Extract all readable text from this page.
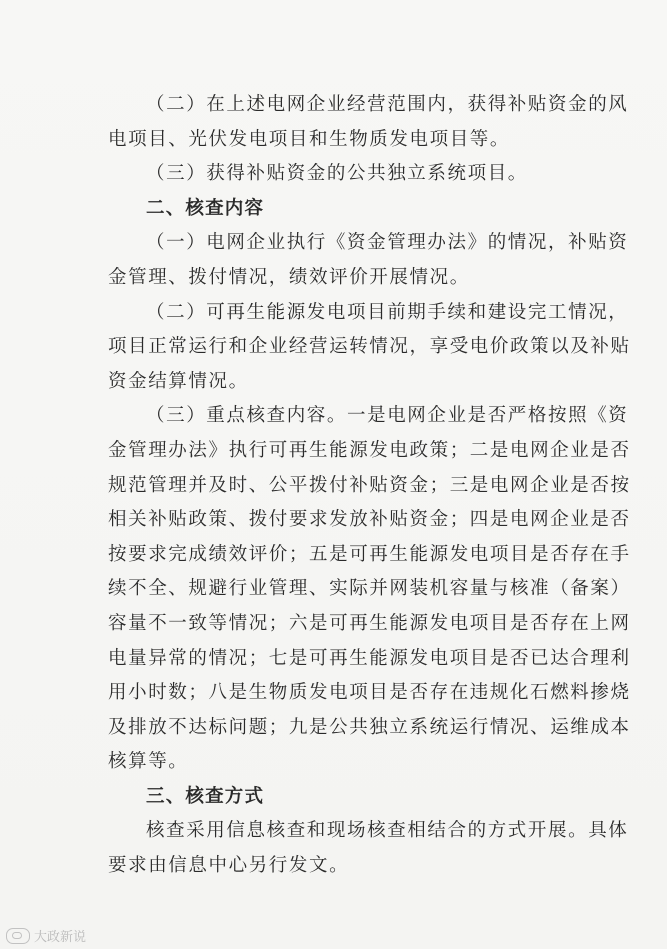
（二）在上述电网企业经营范围内，获得补贴资金的风
电项目、光伏发电项目和生物质发电项目等。
（三）获得补贴资金的公共独立系统项目。
二、核查内容
（一）电网企业执行《资金管理办法》的情况，补贴资
金管理、拨付情况，绩效评价开展情况。
（二）可再生能源发电项目前期手续和建设完工情况，
项目正常运行和企业经营运转情况，享受电价政策以及补贴
资金结算情况。
（三）重点核查内容。一是电网企业是否严格按照《资
金管理办法》执行可再生能源发电政策；二是电网企业是否
规范管理并及时、公平拨付补贴资金；三是电网企业是否按
相关补贴政策、拨付要求发放补贴资金；四是电网企业是否
按要求完成绩效评价；五是可再生能源发电项目是否存在手
续不全、规避行业管理、实际并网装机容量与核准（备案）
容量不一致等情况；六是可再生能源发电项目是否存在上网
电量异常的情况；七是可再生能源发电项目是否已达合理利
用小时数；八是生物质发电项目是否存在违规化石燃料掺烧
及排放不达标问题；九是公共独立系统运行情况、运维成本
核算等。
三、核查方式
核查采用信息核查和现场核查相结合的方式开展。具体
要求由信息中心另行发文。
大政新说
